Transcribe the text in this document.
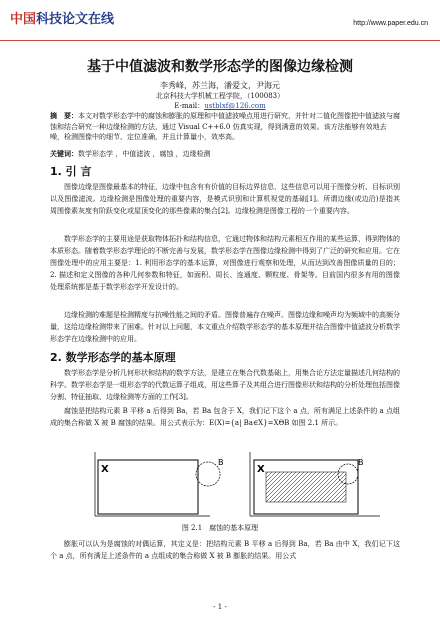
中国科技论文在线	http://www.paper.edu.cn
基于中值滤波和数学形态学的图像边缘检测
李秀峰，苏兰海，潘爱文，尹海元
北京科技大学机械工程学院，（100083）
E-mail：ustblxf@126.com
摘　要：本文对数学形态学中的腐蚀和膨胀的原理和中值滤波噪点用进行研究，并针对二值化图像把中值滤波与腐蚀和结合研究一种边缘检测的方法，通过 Visual C++6.0 仿真实现，得到满意的效果。该方法能够有效地去噪，检测图像中的细节、定位准确，并且计算量小，效率高。
关键词：数学形态学 ，中值滤波 ，腐蚀 ，边缘检测
1. 引 言
图像边缘是图像最基本的特征，边缘中包含有有价值的目标边界信息，这些信息可以用于图像分析、目标识别以及图像滤波。边缘检测是图像处理的重要内容，是模式识别和计算机视觉的基础[1]。所谓边缘(或边沿)是指其周围像素灰度有阶跃变化或屋顶变化的那些像素的集合[2]。边缘检测是图像工程的一个重要内容。
数学形态学的主要用途是获取物体拓扑和结构信息，它通过物体和结构元素相互作用的某些运算，得到物体的本质形态。随着数学形态学理论的不断完善与发展，数学形态学在图像边缘检测中得到了广泛的研究和应用。它在图像处理中的应用主要是：1. 利用形态学的基本运算，对图像进行观察和处理，从而达到改善图像质量的目的；2. 描述和定义图像的各种几何参数和特征，如面积、周长、连通度、颗粒度、骨架等。目前国内很多有用的图像处理系统都是基于数学形态学开发设计的。
边缘检测的难题是检测精度与抗噪性能之间的矛盾。图像普遍存在噪声。图像边缘和噪声均为频域中的高频分量，这给边缘检测带来了困难。针对以上问题，本文重点介绍数学形态学的基本原理并结合图像中值滤波分析数学形态学在边缘检测中的应用。
2. 数学形态学的基本原理
数学形态学是分析几何形状和结构的数学方法，是建立在集合代数基础上，用集合论方法定量描述几何结构的科学。数学形态学是一组形态学的代数运算子组成，用这些算子及其组合进行图像形状和结构的分析处理包括图像分割、特征抽取、边缘检测等方面的工作[3]。
腐蚀是把结构元素 B 平移 a 后得到 Ba，若 Ba 包含于 X，我们记下这个 a 点，所有满足上述条件的 a 点组成的集合称做 X 被 B 腐蚀的结果。用公式表示为：E(X)={a| Ba∈X}=XΘB 如图 2.1 所示。
X
B
X
B
图 2.1　腐蚀的基本原理
膨胀可以认为是腐蚀的对偶运算，其定义是：把结构元素 B 平移 a 后得到 Ba，若 Ba 由中 X，我们记下这个 a 点，所有满足上述条件的 a 点组成的集合称做 X 被 B 膨胀的结果。用公式
- 1 -
